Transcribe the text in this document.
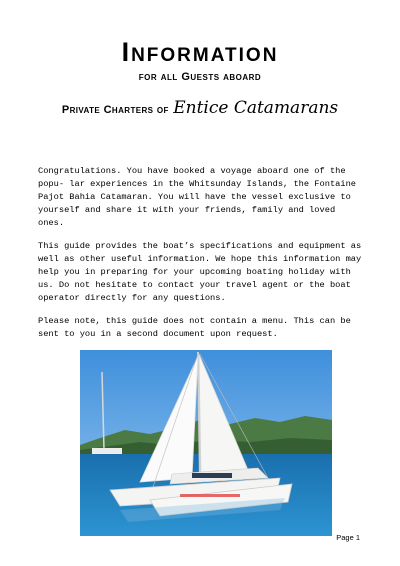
Information
for all Guests aboard
Private Charters of Entice Catamarans

Congratulations. You have booked a voyage aboard one of the popu- lar experiences in the Whitsunday Islands, the Fontaine Pajot Bahia Catamaran. You will have the vessel exclusive to yourself and share it with your friends, family and loved ones.

This guide provides the boat’s specifications and equipment as well as other useful information. We hope this information may help you in preparing for your upcoming boating holiday with us. Do not hesitate to contact your travel agent or the boat operator directly for any questions.

Please note, this guide does not contain a menu. This can be sent to you in a second document upon request.

Page 1
